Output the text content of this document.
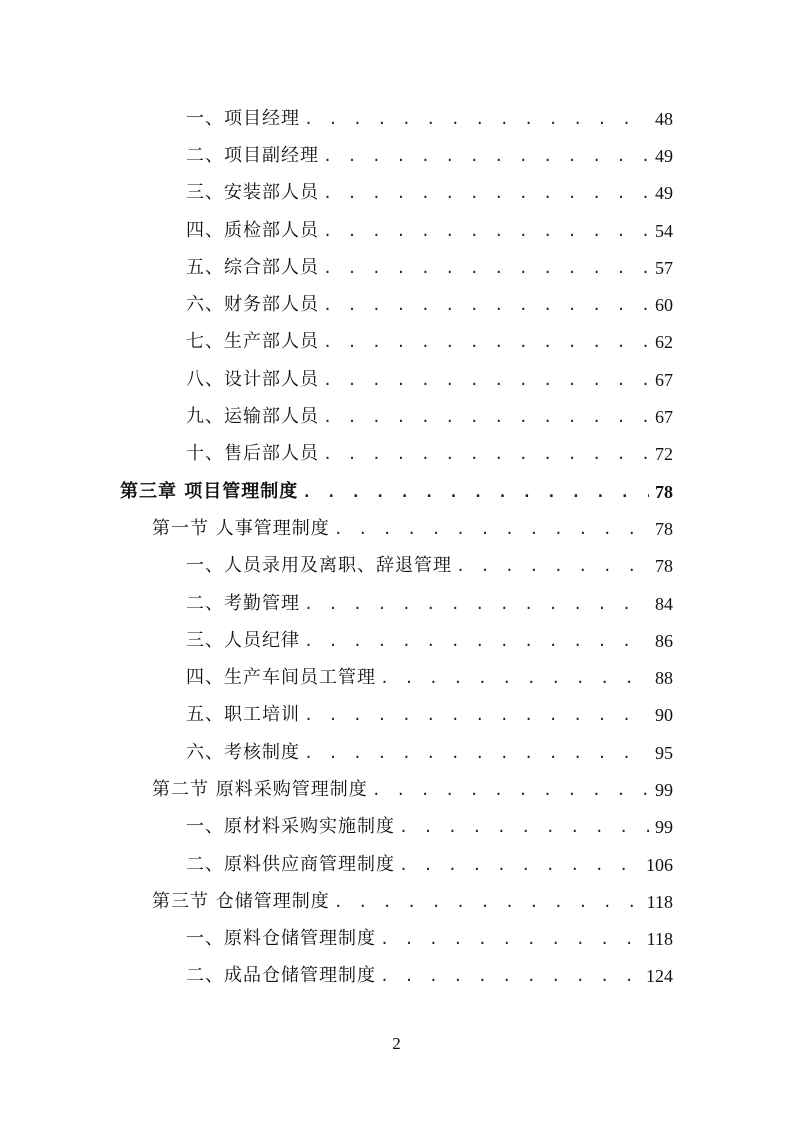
一、项目经理 . . .	48
二、项目副经理 . . .	49
三、安装部人员 . . .	49
四、质检部人员 . . .	54
五、综合部人员 . . .	57
六、财务部人员 . . .	60
七、生产部人员 . . .	62
八、设计部人员 . . .	67
九、运输部人员 . . .	67
十、售后部人员 . . .	72
第三章 项目管理制度 . . .	78
第一节 人事管理制度 . . .	78
一、人员录用及离职、辞退管理 . . .	78
二、考勤管理 . . .	84
三、人员纪律 . . .	86
四、生产车间员工管理 . . .	88
五、职工培训 . . .	90
六、考核制度 . . .	95
第二节 原料采购管理制度 . . .	99
一、原材料采购实施制度 . . .	99
二、原料供应商管理制度 . . .	106
第三节 仓储管理制度 . . .	118
一、原料仓储管理制度 . . .	118
二、成品仓储管理制度 . . .	124
2
